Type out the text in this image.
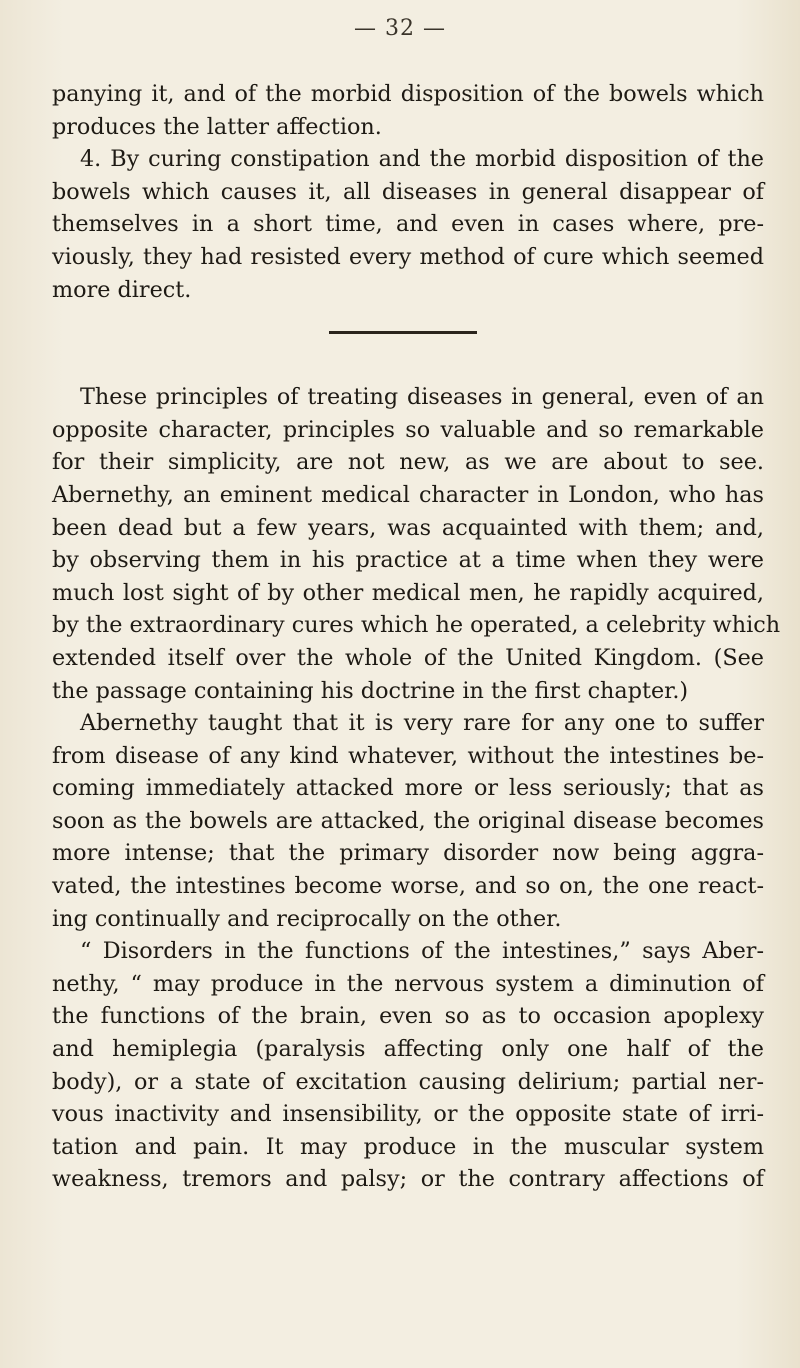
— 32 —

panying it, and of the morbid disposition of the bowels which
produces the latter affection.

4. By curing constipation and the morbid disposition of the
bowels which causes it, all diseases in general disappear of
themselves in a short time, and even in cases where, pre-
viously, they had resisted every method of cure which seemed
more direct.

These principles of treating diseases in general, even of an
opposite character, principles so valuable and so remarkable
for their simplicity, are not new, as we are about to see.
Abernethy, an eminent medical character in London, who has
been dead but a few years, was acquainted with them; and,
by observing them in his practice at a time when they were
much lost sight of by other medical men, he rapidly acquired,
by the extraordinary cures which he operated, a celebrity which
extended itself over the whole of the United Kingdom. (See
the passage containing his doctrine in the first chapter.)

Abernethy taught that it is very rare for any one to suffer
from disease of any kind whatever, without the intestines be-
coming immediately attacked more or less seriously; that as
soon as the bowels are attacked, the original disease becomes
more intense; that the primary disorder now being aggra-
vated, the intestines become worse, and so on, the one react-
ing continually and reciprocally on the other.

“ Disorders in the functions of the intestines,” says Aber-
nethy, “ may produce in the nervous system a diminution of
the functions of the brain, even so as to occasion apoplexy
and hemiplegia (paralysis affecting only one half of the
body), or a state of excitation causing delirium; partial ner-
vous inactivity and insensibility, or the opposite state of irri-
tation and pain. It may produce in the muscular system
weakness, tremors and palsy; or the contrary affections of
